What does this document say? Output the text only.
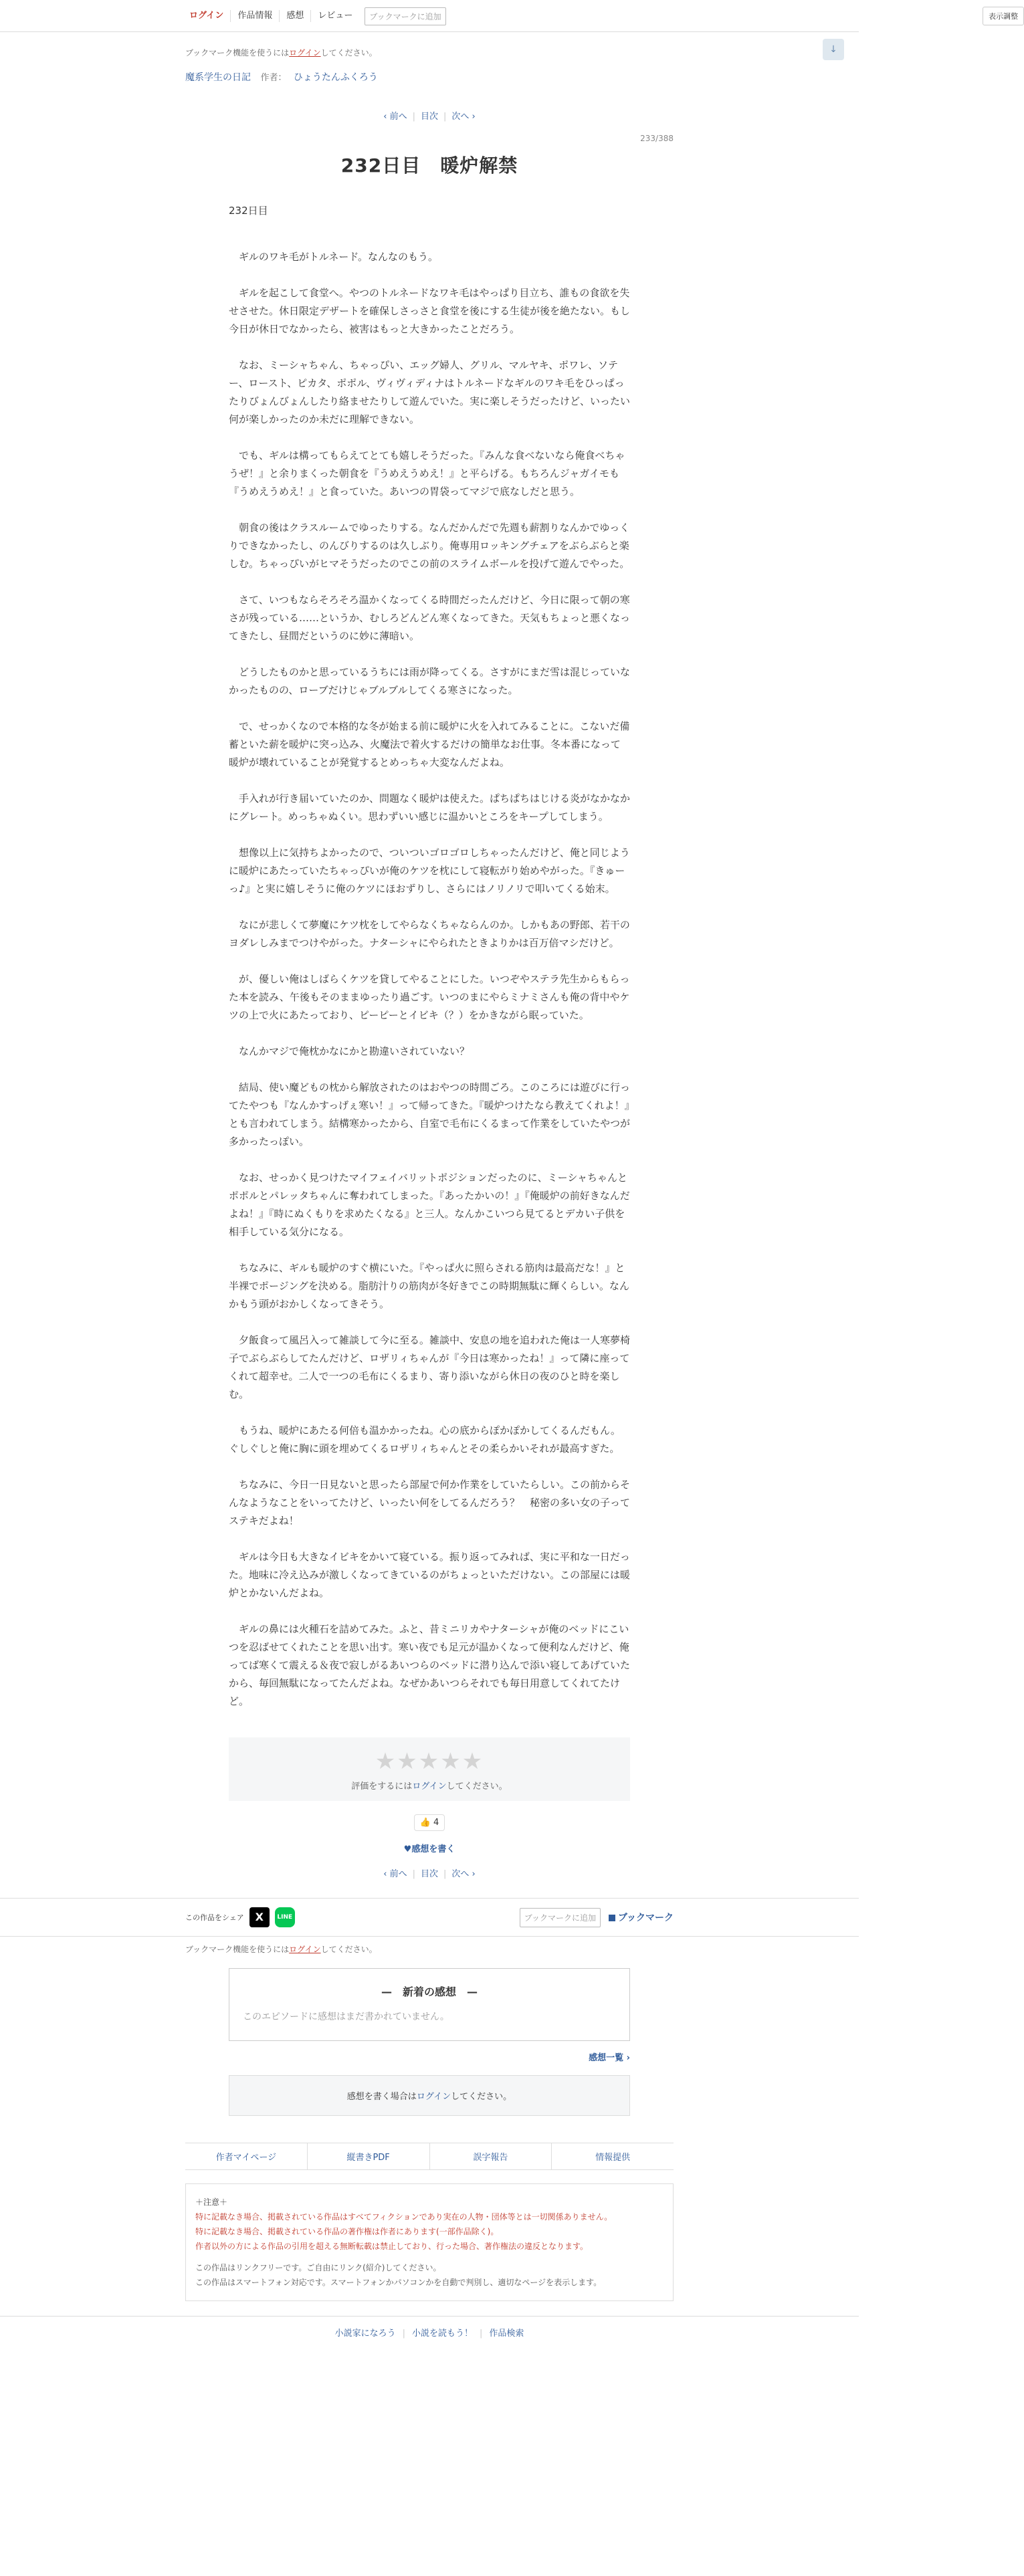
ログイン	作品情報	感想	レビュー	ブックマークに追加	表示調整
↓
ブックマーク機能を使うにはログインしてください。
魔系学生の日記 作者： ひょうたんふくろう
‹ 前へ | 目次 | 次へ ›
233/388
232日目　暖炉解禁

232日目

　ギルのワキ毛がトルネード。なんなのもう。

　ギルを起こして食堂へ。やつのトルネードなワキ毛はやっぱり目立ち、誰もの食欲を失せさせた。休日限定デザートを確保しさっさと食堂を後にする生徒が後を絶たない。もし今日が休日でなかったら、被害はもっと大きかったことだろう。

　なお、ミーシャちゃん、ちゃっぴい、エッグ婦人、グリル、マルヤキ、ポワレ、ソテー、ロースト、ピカタ、ポポル、ヴィヴィディナはトルネードなギルのワキ毛をひっぱったりびょんびょんしたり絡ませたりして遊んでいた。実に楽しそうだったけど、いったい何が楽しかったのか未だに理解できない。

　でも、ギルは構ってもらえてとても嬉しそうだった。『みんな食べないなら俺食べちゃうぜ！』と余りまくった朝食を『うめえうめえ！』と平らげる。もちろんジャガイモも『うめえうめえ！』と食っていた。あいつの胃袋ってマジで底なしだと思う。

　朝食の後はクラスルームでゆったりする。なんだかんだで先週も薪割りなんかでゆっくりできなかったし、のんびりするのは久しぶり。俺専用ロッキングチェアをぶらぶらと楽しむ。ちゃっぴいがヒマそうだったのでこの前のスライムボールを投げて遊んでやった。

　さて、いつもならそろそろ温かくなってくる時間だったんだけど、今日に限って朝の寒さが残っている……というか、むしろどんどん寒くなってきた。天気もちょっと悪くなってきたし、昼間だというのに妙に薄暗い。

　どうしたものかと思っているうちには雨が降ってくる。さすがにまだ雪は混じっていなかったものの、ローブだけじゃブルブルしてくる寒さになった。

　で、せっかくなので本格的な冬が始まる前に暖炉に火を入れてみることに。こないだ備蓄といた薪を暖炉に突っ込み、火魔法で着火するだけの簡単なお仕事。冬本番になって暖炉が壊れていることが発覚するとめっちゃ大変なんだよね。

　手入れが行き届いていたのか、問題なく暖炉は使えた。ぱちぱちはじける炎がなかなかにグレート。めっちゃぬくい。思わずいい感じに温かいところをキープしてしまう。

　想像以上に気持ちよかったので、ついついゴロゴロしちゃったんだけど、俺と同じように暖炉にあたっていたちゃっぴいが俺のケツを枕にして寝転がり始めやがった。『きゅーっ♪』と実に嬉しそうに俺のケツにほおずりし、さらにはノリノリで叩いてくる始末。

　なにが悲しくて夢魔にケツ枕をしてやらなくちゃならんのか。しかもあの野郎、若干のヨダレしみまでつけやがった。ナターシャにやられたときよりかは百万倍マシだけど。

　が、優しい俺はしばらくケツを貸してやることにした。いつぞやステラ先生からもらった本を読み、午後もそのままゆったり過ごす。いつのまにやらミナミさんも俺の背中やケツの上で火にあたっており、ピーピーとイビキ（？）をかきながら眠っていた。

　なんかマジで俺枕かなにかと勘違いされていない？

　結局、使い魔どもの枕から解放されたのはおやつの時間ごろ。このころには遊びに行ってたやつも『なんかすっげぇ寒い！』って帰ってきた。『暖炉つけたなら教えてくれよ！』とも言われてしまう。結構寒かったから、自室で毛布にくるまって作業をしていたやつが多かったっぽい。

　なお、せっかく見つけたマイフェイバリットポジションだったのに、ミーシャちゃんとポポルとパレッタちゃんに奪われてしまった。『あったかいの！』『俺暖炉の前好きなんだよね！』『時にぬくもりを求めたくなる』と三人。なんかこいつら見てるとデカい子供を相手している気分になる。

　ちなみに、ギルも暖炉のすぐ横にいた。『やっぱ火に照らされる筋肉は最高だな！』と半裸でポージングを決める。脂肪汁りの筋肉が冬好きでこの時期無駄に輝くらしい。なんかもう頭がおかしくなってきそう。

　夕飯食って風呂入って雑談して今に至る。雑談中、安息の地を追われた俺は一人寒夢椅子でぶらぶらしてたんだけど、ロザリィちゃんが『今日は寒かったね！』って隣に座ってくれて超幸せ。二人で一つの毛布にくるまり、寄り添いながら休日の夜のひと時を楽しむ。

　もうね、暖炉にあたる何倍も温かかったね。心の底からぽかぽかしてくるんだもん。ぐしぐしと俺に胸に頭を埋めてくるロザリィちゃんとその柔らかいそれが最高すぎた。

　ちなみに、今日一日見ないと思ったら部屋で何か作業をしていたらしい。この前からそんなようなことをいってたけど、いったい何をしてるんだろう？　秘密の多い女の子ってステキだよね！

　ギルは今日も大きなイビキをかいて寝ている。振り返ってみれば、実に平和な一日だった。地味に冷え込みが激しくなってきているのがちょっといただけない。この部屋には暖炉とかないんだよね。

　ギルの鼻には火種石を詰めてみた。ふと、昔ミニリカやナターシャが俺のベッドにこいつを忍ばせてくれたことを思い出す。寒い夜でも足元が温かくなって便利なんだけど、俺ってば寒くて震える＆夜で寂しがるあいつらのベッドに潜り込んで添い寝してあげていたから、毎回無駄になってたんだよね。なぜかあいつらそれでも毎日用意してくれてたけど。

★★★★★
評価をするにはログインしてください。
👍 4
♥感想を書く
‹ 前へ | 目次 | 次へ ›
この作品をシェア	X	LINE	ブックマークに追加	ブックマーク
ブックマーク機能を使うにはログインしてください。
—　新着の感想　—
このエピソードに感想はまだ書かれていません。
感想一覧 ›
感想を書く場合はログインしてください。
作者マイページ	縦書きPDF	誤字報告	情報提供
＋注意＋
特に記載なき場合、掲載されている作品はすべてフィクションであり実在の人物・団体等とは一切関係ありません。
特に記載なき場合、掲載されている作品の著作権は作者にあります(一部作品除く)。
作者以外の方による作品の引用を超える無断転載は禁止しており、行った場合、著作権法の違反となります。
この作品はリンクフリーです。ご自由にリンク(紹介)してください。
この作品はスマートフォン対応です。スマートフォンかパソコンかを自動で判別し、適切なページを表示します。
小説家になろう | 小説を読もう！ | 作品検索
